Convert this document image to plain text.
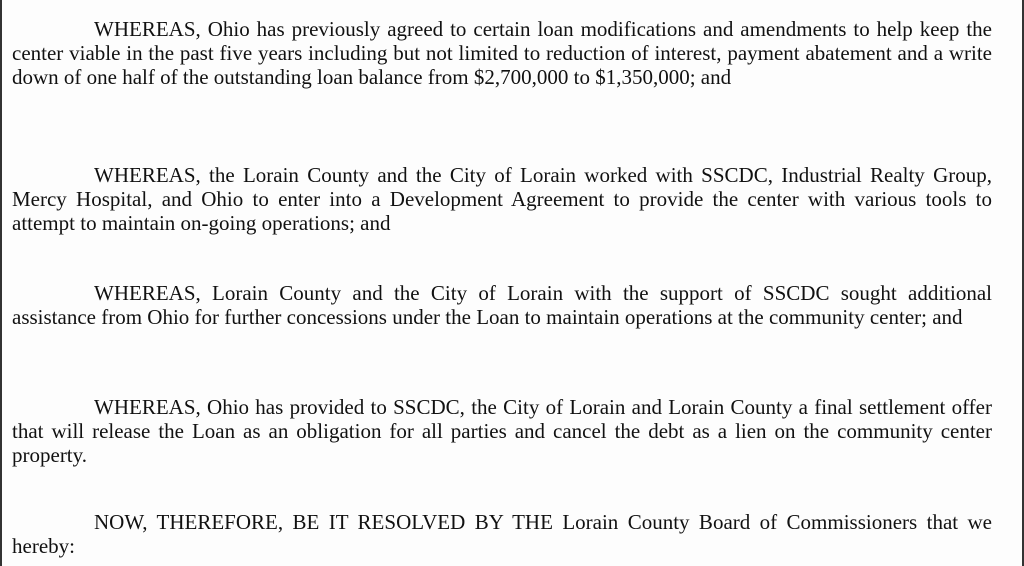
WHEREAS, Ohio has previously agreed to certain loan modifications and amendments to help keep the center viable in the past five years including but not limited to reduction of interest, payment abatement and a write down of one half of the outstanding loan balance from $2,700,000 to $1,350,000; and

WHEREAS, the Lorain County and the City of Lorain worked with SSCDC, Industrial Realty Group, Mercy Hospital, and Ohio to enter into a Development Agreement to provide the center with various tools to attempt to maintain on-going operations; and

WHEREAS, Lorain County and the City of Lorain with the support of SSCDC sought additional assistance from Ohio for further concessions under the Loan to maintain operations at the community center; and

WHEREAS, Ohio has provided to SSCDC, the City of Lorain and Lorain County a final settlement offer that will release the Loan as an obligation for all parties and cancel the debt as a lien on the community center property.

NOW, THEREFORE, BE IT RESOLVED BY THE Lorain County Board of Commissioners that we hereby:
